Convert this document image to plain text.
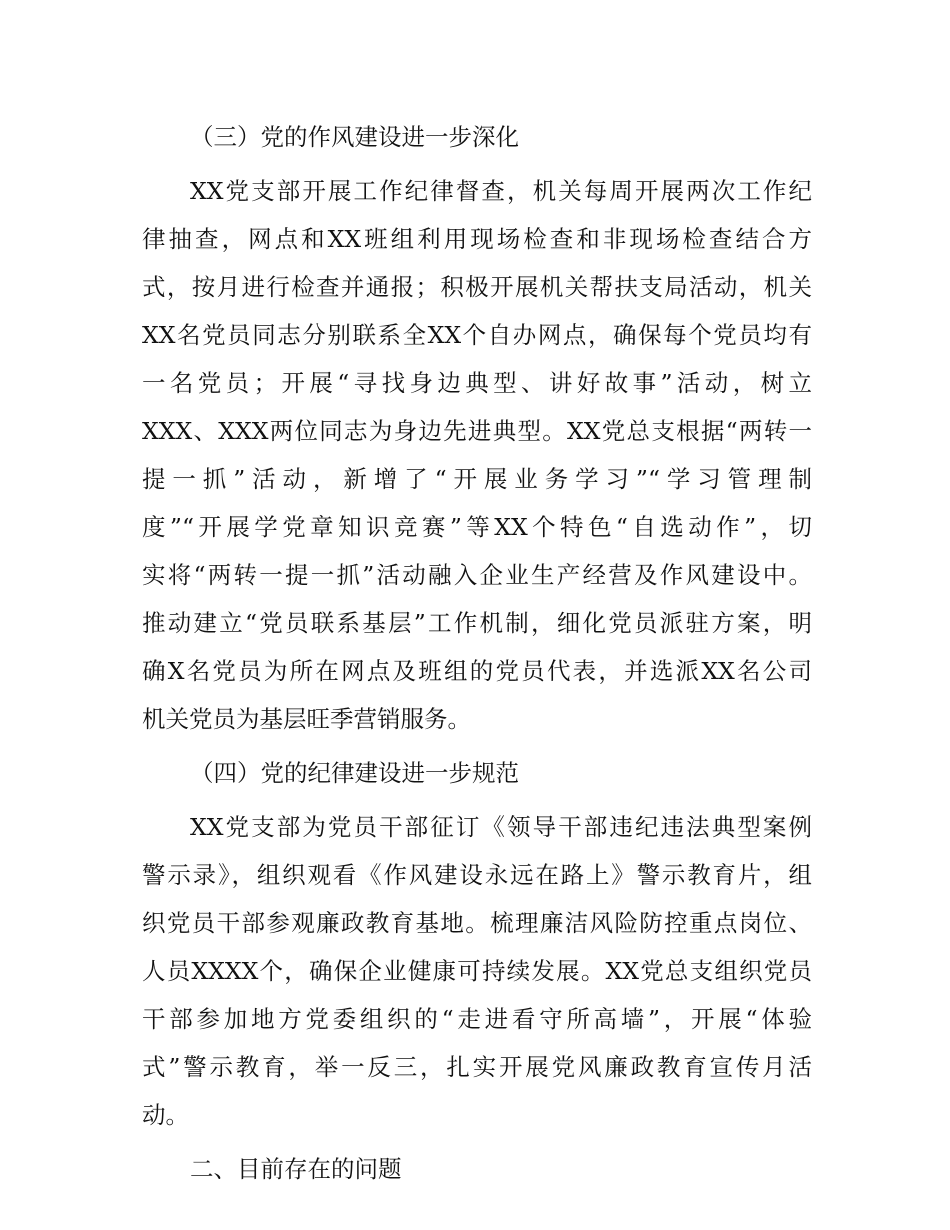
（三）党的作风建设进一步深化
XX党支部开展工作纪律督查，机关每周开展两次工作纪
律抽查，网点和XX班组利用现场检查和非现场检查结合方
式，按月进行检查并通报；积极开展机关帮扶支局活动，机关
XX名党员同志分别联系全XX个自办网点，确保每个党员均有
一名党员；开展“寻找身边典型、讲好故事”活动，树立
XXX、XXX两位同志为身边先进典型。XX党总支根据“两转一
提一抓”活动，新增了“开展业务学习”“学习管理制
度”“开展学党章知识竞赛”等XX个特色“自选动作”，切
实将“两转一提一抓”活动融入企业生产经营及作风建设中。
推动建立“党员联系基层”工作机制，细化党员派驻方案，明
确X名党员为所在网点及班组的党员代表，并选派XX名公司
机关党员为基层旺季营销服务。
（四）党的纪律建设进一步规范
XX党支部为党员干部征订《领导干部违纪违法典型案例
警示录》，组织观看《作风建设永远在路上》警示教育片，组
织党员干部参观廉政教育基地。梳理廉洁风险防控重点岗位、
人员XXXX个，确保企业健康可持续发展。XX党总支组织党员
干部参加地方党委组织的“走进看守所高墙”，开展“体验
式”警示教育，举一反三，扎实开展党风廉政教育宣传月活
动。
二、目前存在的问题
